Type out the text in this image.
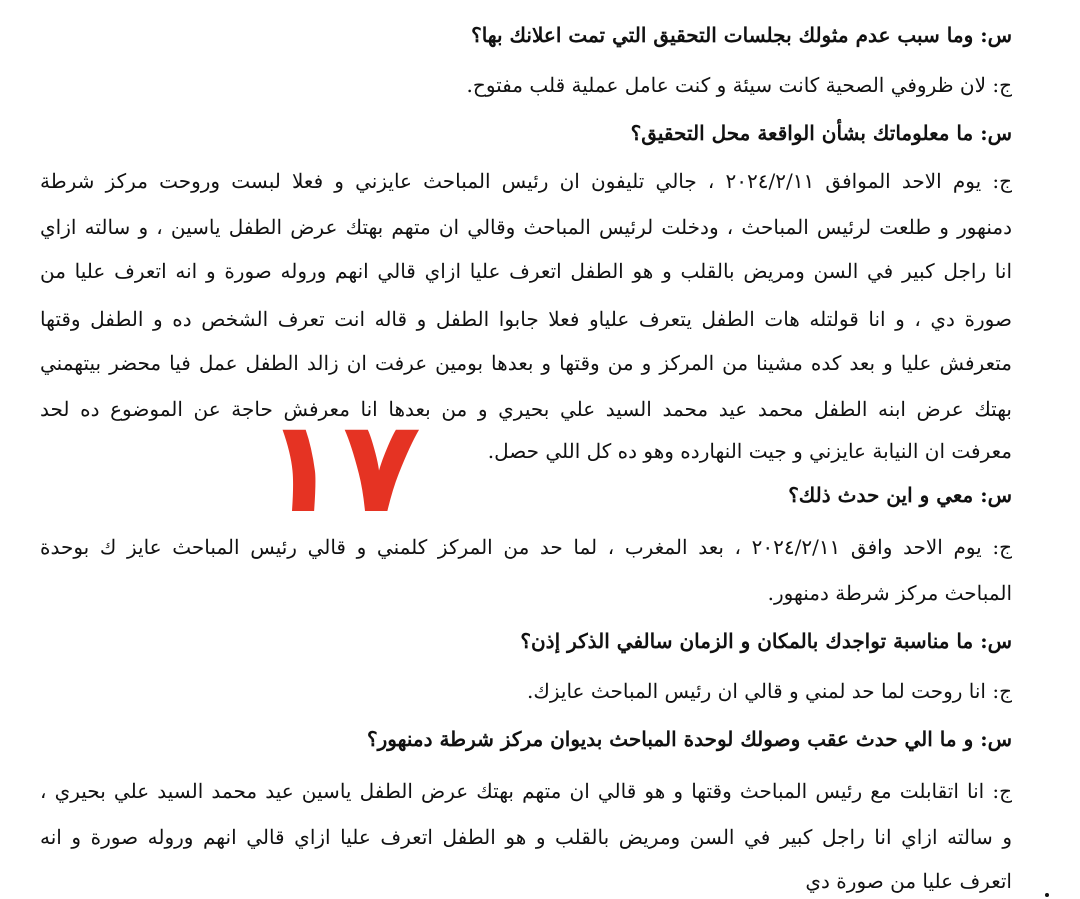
س: وما سبب عدم مثولك بجلسات التحقيق التي تمت اعلانك بها؟
ج: لان ظروفي الصحية كانت سيئة و كنت عامل عملية قلب مفتوح.
س: ما معلوماتك بشأن الواقعة محل التحقيق؟
ج: يوم الاحد الموافق ٢٠٢٤/٢/١١ ، جالي تليفون ان رئيس المباحث عايزني و فعلا لبست وروحت مركز شرطة
دمنهور و طلعت لرئيس المباحث ، ودخلت لرئيس المباحث وقالي ان متهم بهتك عرض الطفل ياسين ، و سالته ازاي
انا راجل كبير في السن ومريض بالقلب و هو الطفل اتعرف عليا ازاي قالي انهم وروله صورة و انه اتعرف عليا من
صورة دي ، و انا قولتله هات الطفل يتعرف علياو فعلا جابوا الطفل و قاله انت تعرف الشخص ده و الطفل وقتها
متعرفش عليا و بعد كده مشينا من المركز و من وقتها و بعدها بومين عرفت ان زالد الطفل عمل فيا محضر بيتهمني
بهتك عرض ابنه الطفل محمد عيد محمد السيد علي بحيري و من بعدها انا معرفش حاجة عن الموضوع ده لحد
معرفت ان النيابة عايزني و جيت النهارده وهو ده كل اللي حصل.
س: معي و اين حدث ذلك؟
ج: يوم الاحد وافق ٢٠٢٤/٢/١١ ، بعد المغرب ، لما حد من المركز كلمني و قالي رئيس المباحث عايز ك بوحدة
المباحث مركز شرطة دمنهور.
س: ما مناسبة تواجدك بالمكان و الزمان سالفي الذكر إذن؟
ج: انا روحت لما حد لمني و قالي ان رئيس المباحث عايزك.
س: و ما الي حدث عقب وصولك لوحدة المباحث بديوان مركز شرطة دمنهور؟
ج: انا اتقابلت مع رئيس المباحث وقتها و هو قالي ان متهم بهتك عرض الطفل ياسين عيد محمد السيد علي بحيري ،
و سالته ازاي انا راجل كبير في السن ومريض بالقلب و هو الطفل اتعرف عليا ازاي قالي انهم وروله صورة و انه
اتعرف عليا من صورة دي
١٧
